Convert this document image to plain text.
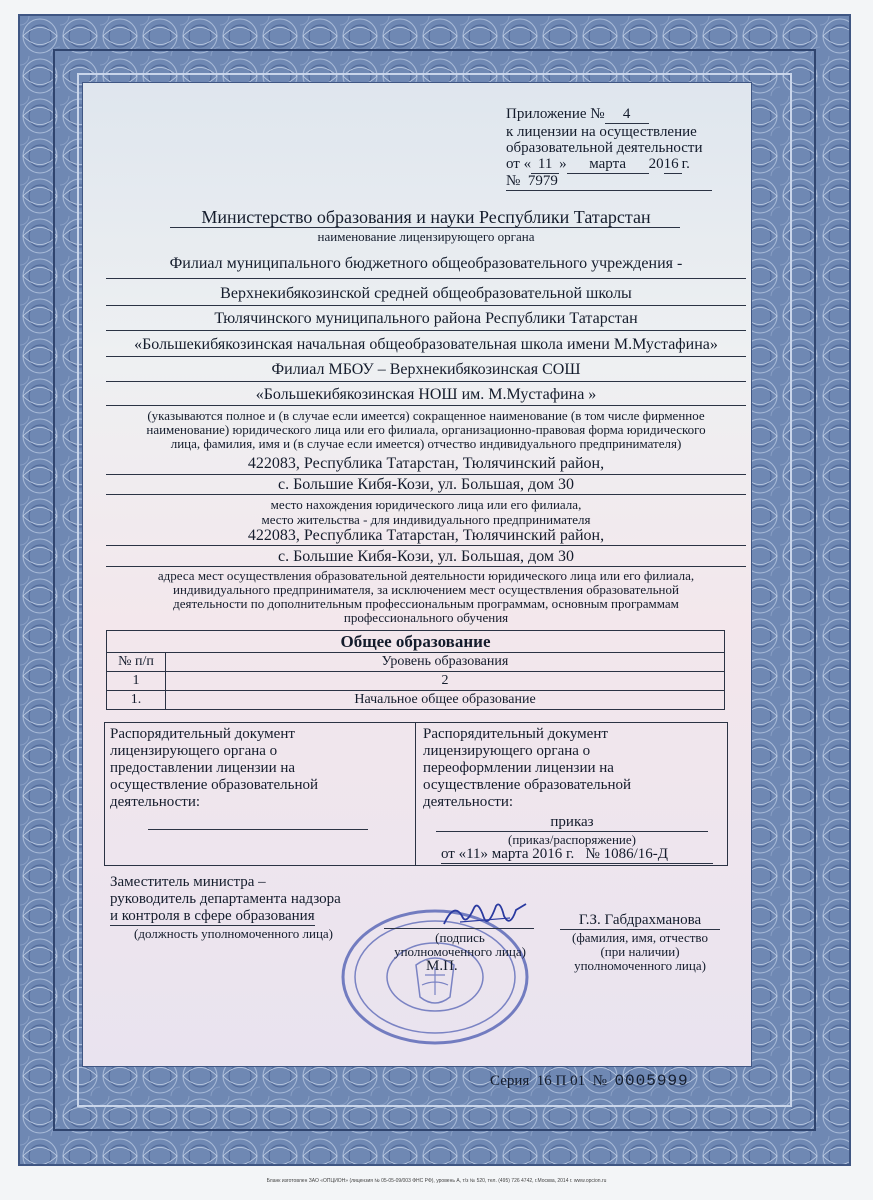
Приложение № 4
к лицензии на осуществление
образовательной деятельности
от « 11 » марта 2016 г.
№ 7979
Министерство образования и науки Республики Татарстан
наименование лицензирующего органа
Филиал муниципального бюджетного общеобразовательного учреждения -
Верхнекибякозинской средней общеобразовательной школы
Тюлячинского муниципального района Республики Татарстан
«Большекибякозинская начальная общеобразовательная школа имени М.Мустафина»
Филиал МБОУ – Верхнекибякозинская СОШ
«Большекибякозинская НОШ им. М.Мустафина »
(указываются полное и (в случае если имеется) сокращенное наименование (в том числе фирменное
наименование) юридического лица или его филиала, организационно-правовая форма юридического
лица, фамилия, имя и (в случае если имеется) отчество индивидуального предпринимателя)
422083, Республика Татарстан, Тюлячинский район,
с. Большие Кибя-Кози, ул. Большая, дом 30
место нахождения юридического лица или его филиала,
место жительства - для индивидуального предпринимателя
422083, Республика Татарстан, Тюлячинский район,
с. Большие Кибя-Кози, ул. Большая, дом 30
адреса мест осуществления образовательной деятельности юридического лица или его филиала,
индивидуального предпринимателя, за исключением мест осуществления образовательной
деятельности по дополнительным профессиональным программам, основным программам
профессионального обучения
Общее образование
№ п/п	Уровень образования
1	2
1.	Начальное общее образование
Распорядительный документ
лицензирующего органа о
предоставлении лицензии на
осуществление образовательной
деятельности:
Распорядительный документ
лицензирующего органа о
переоформлении лицензии на
осуществление образовательной
деятельности:
приказ
(приказ/распоряжение)
от «11» марта 2016 г. № 1086/16-Д
Заместитель министра –
руководитель департамента надзора
и контроля в сфере образования
(должность уполномоченного лица)	(подпись
уполномоченного лица)
М.П.
Г.З. Габдрахманова
(фамилия, имя, отчество
(при наличии)
уполномоченного лица)
Серия 16 П 01 № 0005999
Бланк изготовлен ЗАО «ОПЦИОН» (лицензия № 05-05-09/003 ФНС РФ), уровень А, т/з № 520, тел. (495) 726 4742, г.Москва, 2014 г. www.opcion.ru
